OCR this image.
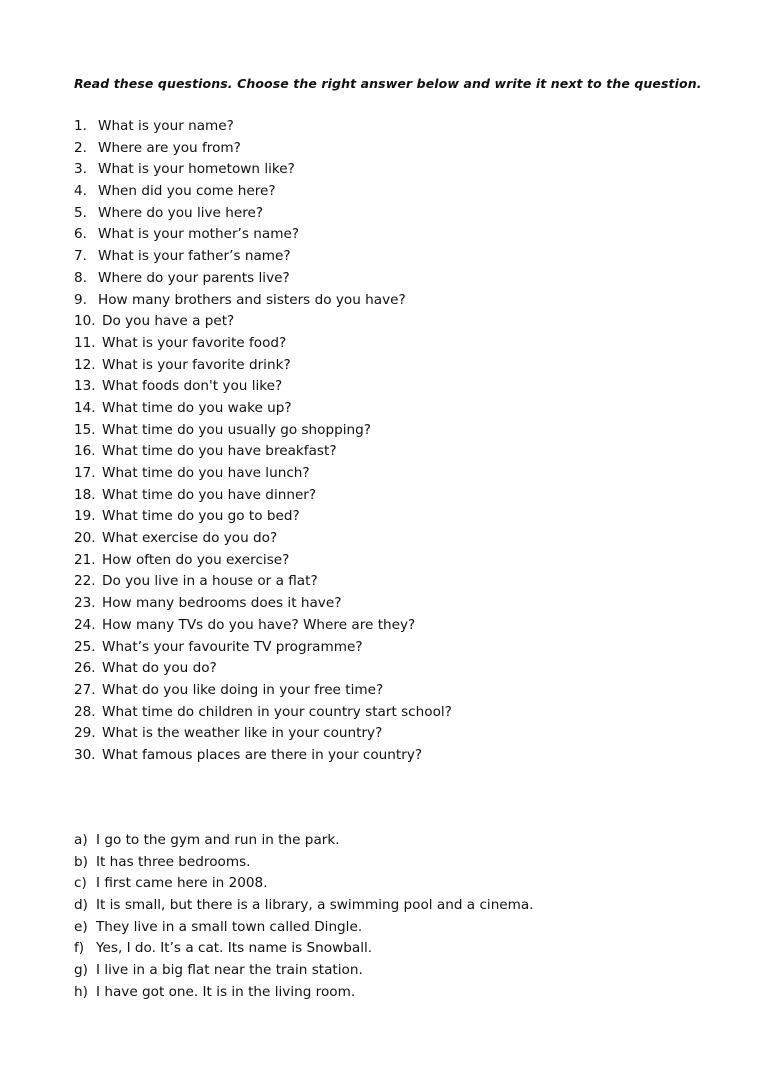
Read these questions. Choose the right answer below and write it next to the question.
1. What is your name?
2. Where are you from?
3. What is your hometown like?
4. When did you come here?
5. Where do you live here?
6. What is your mother’s name?
7. What is your father’s name?
8. Where do your parents live?
9. How many brothers and sisters do you have?
10. Do you have a pet?
11. What is your favorite food?
12. What is your favorite drink?
13. What foods don't you like?
14. What time do you wake up?
15. What time do you usually go shopping?
16. What time do you have breakfast?
17. What time do you have lunch?
18. What time do you have dinner?
19. What time do you go to bed?
20. What exercise do you do?
21. How often do you exercise?
22. Do you live in a house or a flat?
23. How many bedrooms does it have?
24. How many TVs do you have? Where are they?
25. What’s your favourite TV programme?
26. What do you do?
27. What do you like doing in your free time?
28. What time do children in your country start school?
29. What is the weather like in your country?
30. What famous places are there in your country?
a) I go to the gym and run in the park.
b) It has three bedrooms.
c) I first came here in 2008.
d) It is small, but there is a library, a swimming pool and a cinema.
e) They live in a small town called Dingle.
f) Yes, I do. It’s a cat. Its name is Snowball.
g) I live in a big flat near the train station.
h) I have got one. It is in the living room.
